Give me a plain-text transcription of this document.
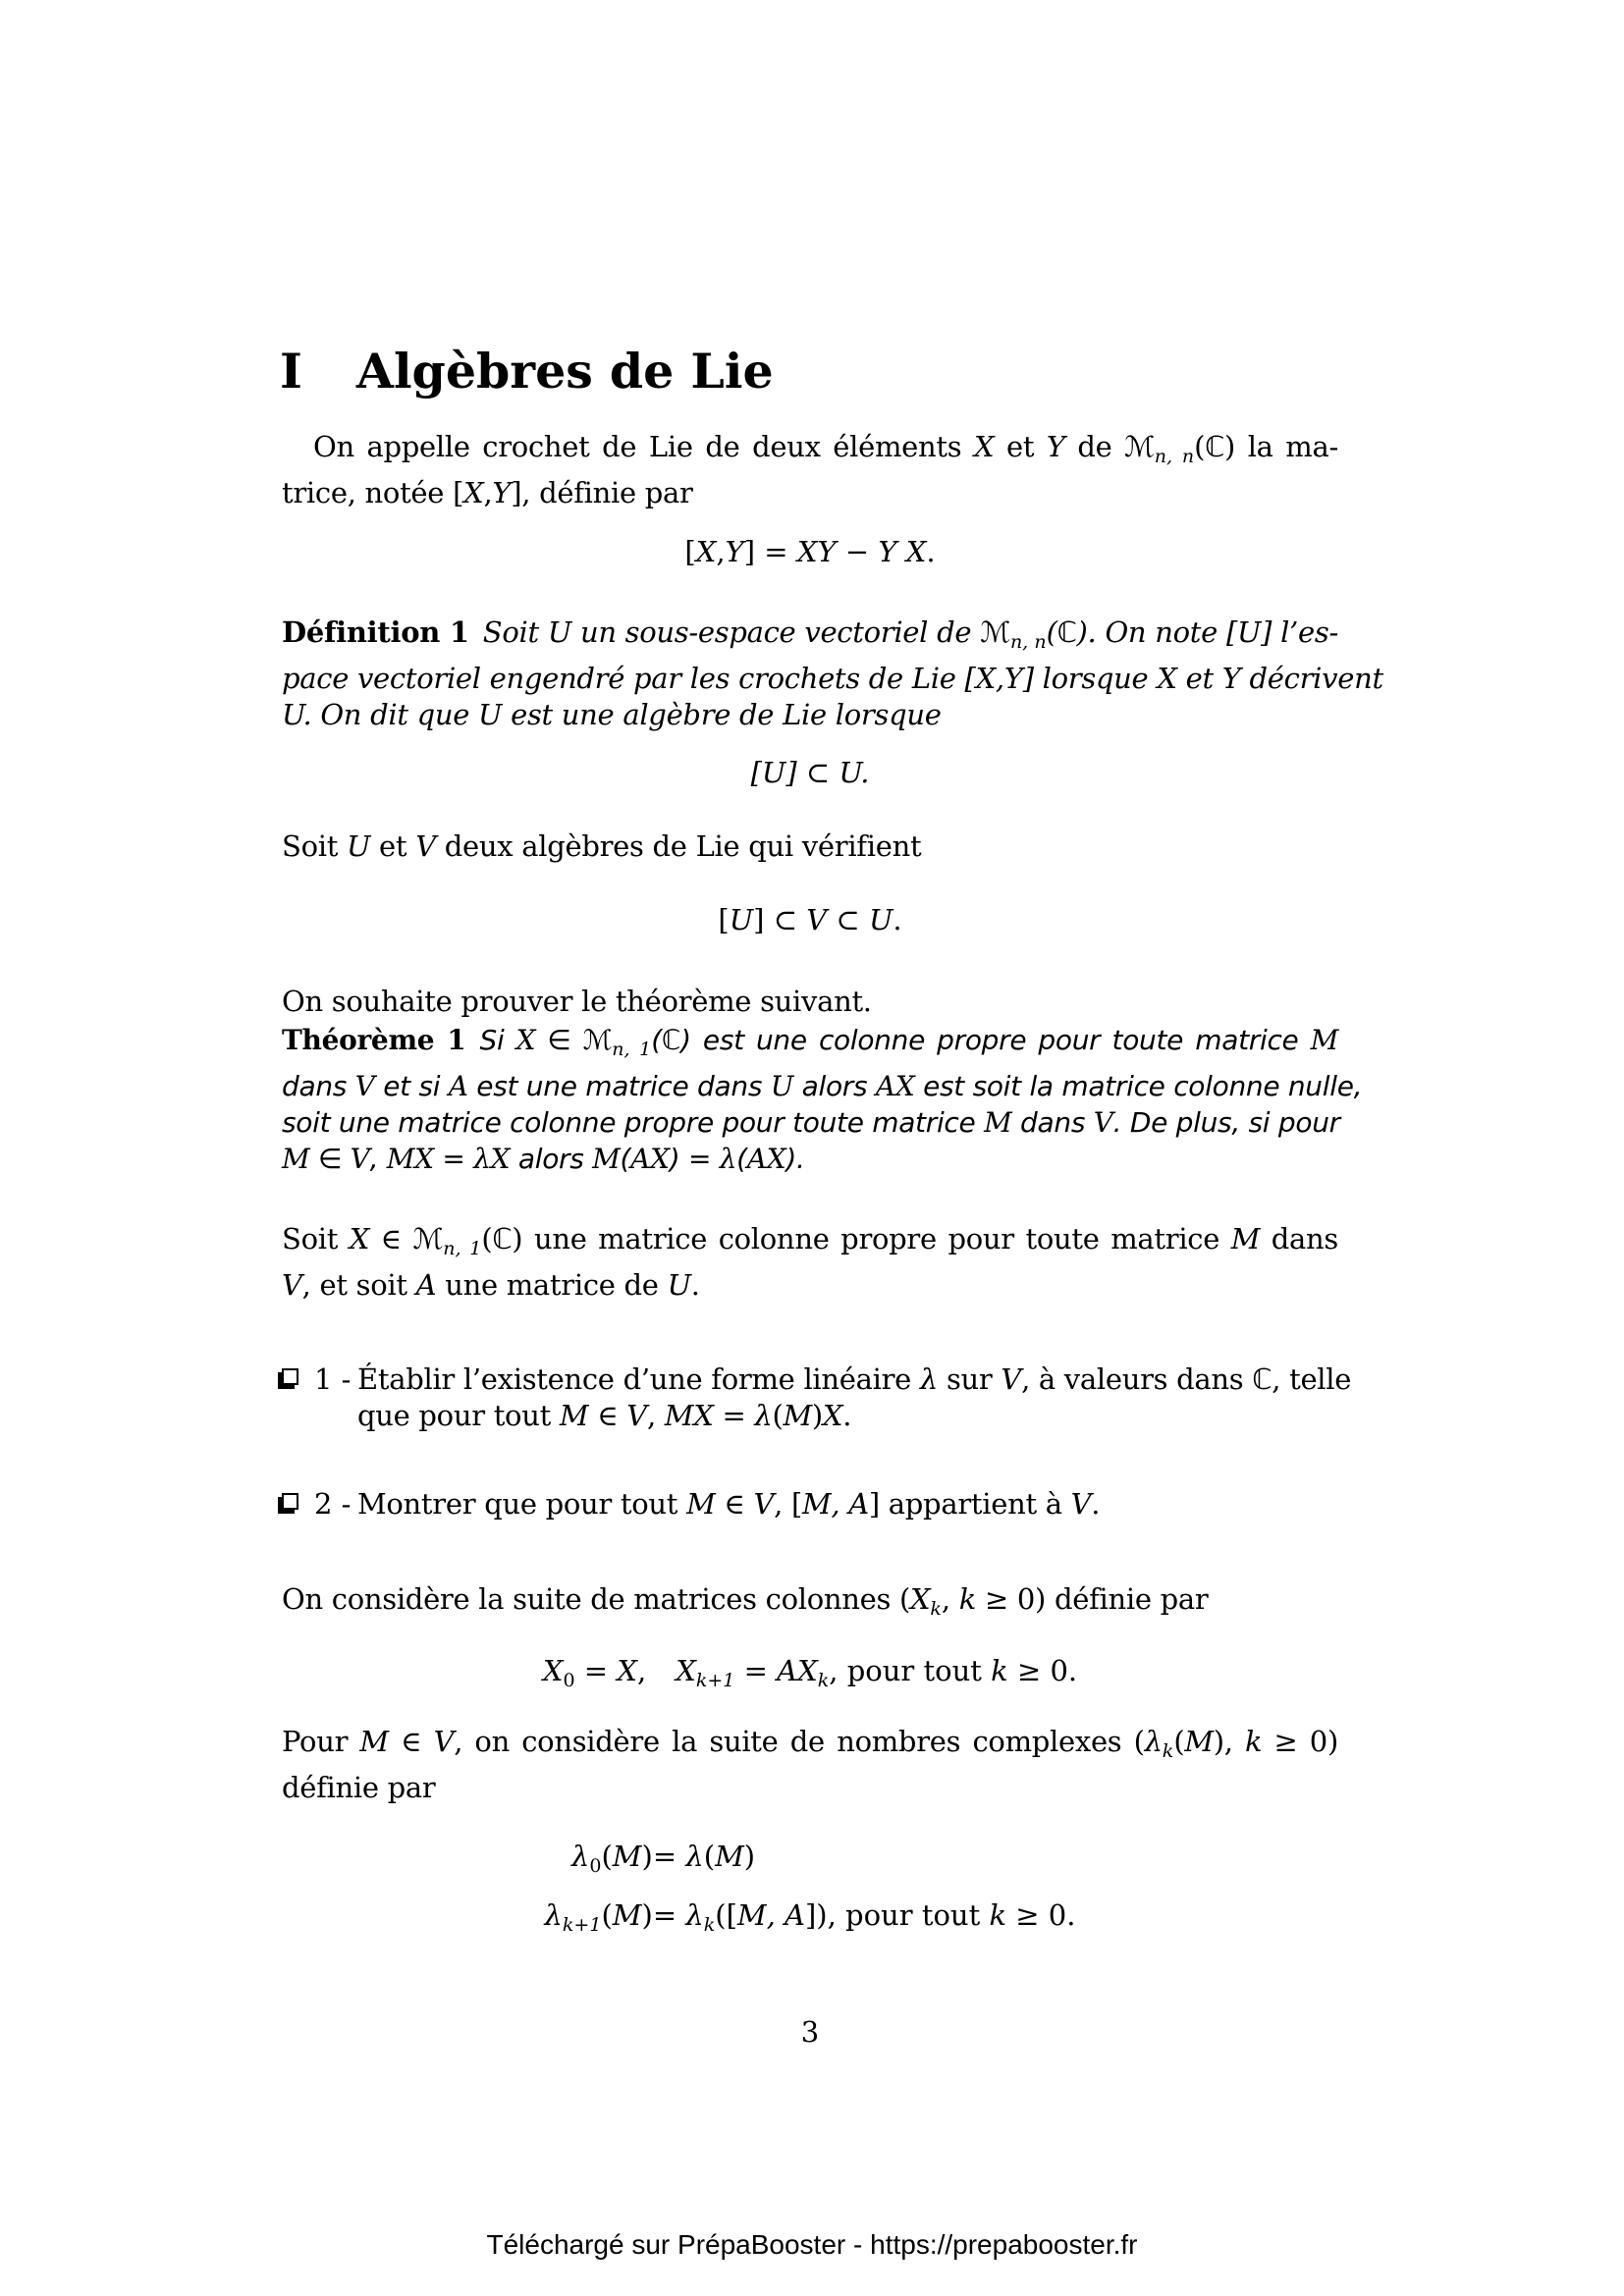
I Algèbres de Lie
On appelle crochet de Lie de deux éléments X et Y de ℳ$_{n, n}$(ℂ) la ma-
trice, notée [X,Y], définie par
[X,Y] = XY − Y X.
Définition 1 Soit U un sous-espace vectoriel de ℳ$_{n, n}$(ℂ). On note [U] l’es-
pace vectoriel engendré par les crochets de Lie [X,Y] lorsque X et Y décrivent
U. On dit que U est une algèbre de Lie lorsque
[U] ⊂ U.
Soit U et V deux algèbres de Lie qui vérifient
[U] ⊂ V ⊂ U.
On souhaite prouver le théorème suivant.
Théorème 1 Si X ∈ ℳ$_{n, 1}$(ℂ) est une colonne propre pour toute matrice M
dans V et si A est une matrice dans U alors AX est soit la matrice colonne nulle,
soit une matrice colonne propre pour toute matrice M dans V. De plus, si pour
M ∈ V, MX = λX alors M(AX) = λ(AX).
Soit X ∈ ℳ$_{n, 1}$(ℂ) une matrice colonne propre pour toute matrice M dans
V, et soit A une matrice de U.
1 - Établir l’existence d’une forme linéaire λ sur V, à valeurs dans ℂ, telle
que pour tout M ∈ V, MX = λ(M)X.
2 - Montrer que pour tout M ∈ V, [M, A] appartient à V.
On considère la suite de matrices colonnes ($X_k$, k ≥ 0) définie par
$X_0 = X$, $X_{k+1} = AX_k$, pour tout k ≥ 0.
Pour M ∈ V, on considère la suite de nombres complexes ($\lambda_k(M)$, k ≥ 0)
définie par
$\lambda_0(M) = \lambda(M)$
$\lambda_{k+1}(M) = \lambda_k([M$, A]), pour tout k ≥ 0.
3
Téléchargé sur PrépaBooster - https://prepabooster.fr
